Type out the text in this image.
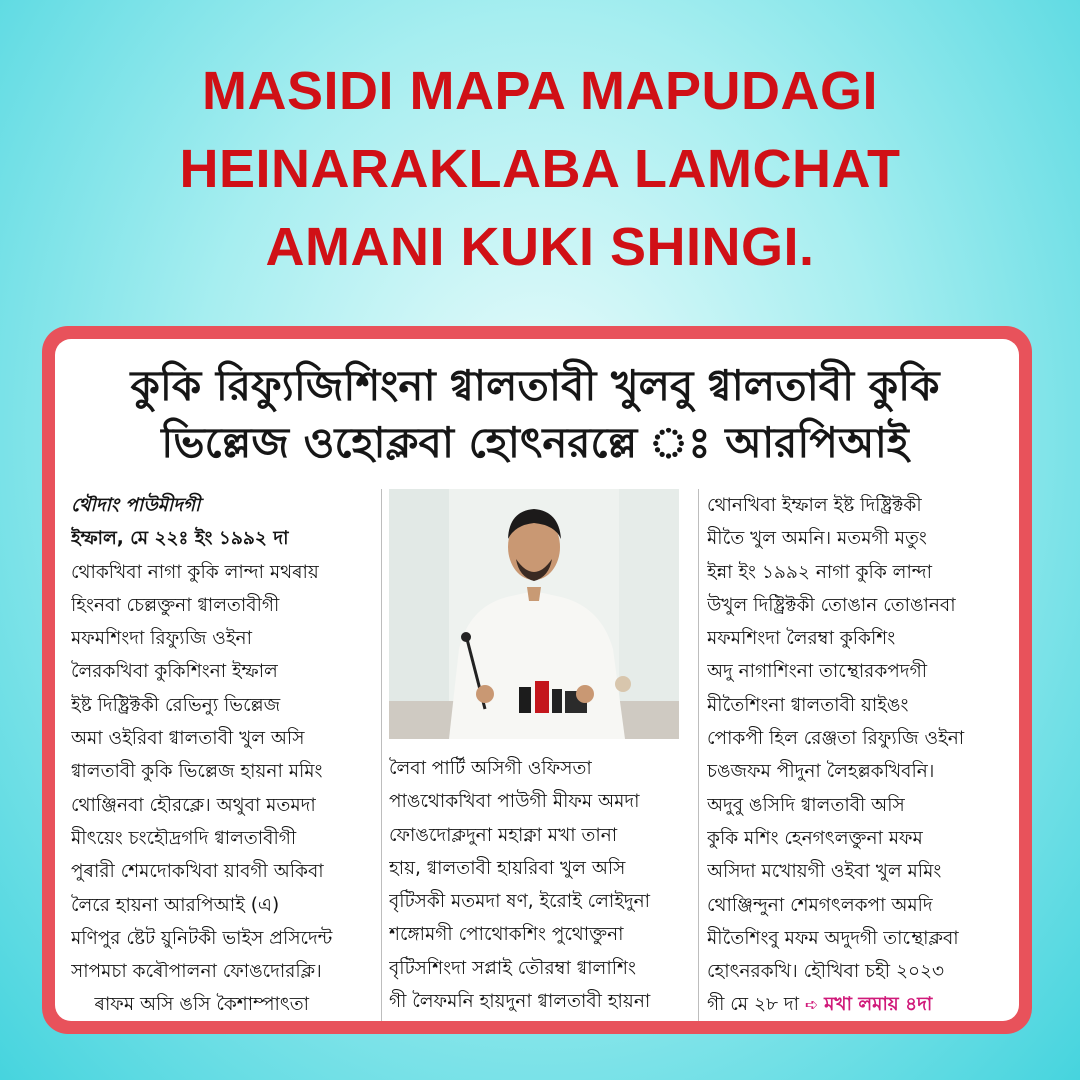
MASIDI MAPA MAPUDAGI
HEINARAKLABA LAMCHAT
AMANI KUKI SHINGI.
কুকি রিফ্যুজিশিংনা গ্বালতাবী খুলবু গ্বালতাবী কুকি
ভিল্লেজ ওহোক্লবা হোৎনরল্লে ঃ আরপিআই
থৌদাং পাউমীদগী
ইম্ফাল, মে ২২ঃ ইং ১৯৯২ দা
থোকখিবা নাগা কুকি লান্দা মথৰায়
হিংনবা চেল্লক্তুনা গ্বালতাবীগী
মফমশিংদা রিফ্যুজি ওইনা
লৈরকখিবা কুকিশিংনা ইম্ফাল
ইষ্ট দিষ্ট্রিক্টকী রেভিন্যু ভিল্লেজ
অমা ওইরিবা গ্বালতাবী খুল অসি
গ্বালতাবী কুকি ভিল্লেজ হায়না মমিং
থোঞ্জিনবা হৌরক্লে। অথুবা মতমদা
মীৎয়েং চংহৌদ্রগদি গ্বালতাবীগী
পুৰারী শেমদোকখিবা য়াবগী অকিবা
লৈরে হায়না আরপিআই (এ)
মণিপুর ষ্টেট য়ুনিটকী ভাইস প্রসিদেন্ট
সাপমচা কৰৌপালনা ফোঙদোরক্লি।
ৰাফম অসি ঙসি কৈশাম্পাৎতা
লৈবা পার্টি অসিগী ওফিসতা
পাঙথোকখিবা পাউগী মীফম অমদা
ফোঙদোক্লদুনা মহাক্না মখা তানা
হায়, গ্বালতাবী হায়রিবা খুল অসি
বৃটিসকী মতমদা ষণ, ইরোই লোইদুনা
শঙ্গোমগী পোথোকশিং পুথোক্তুনা
বৃটিসশিংদা সপ্লাই তৌরম্বা গ্বালাশিং
গী লৈফমনি হায়দুনা গ্বালতাবী হায়না
থোনখিবা ইম্ফাল ইষ্ট দিষ্ট্রিক্টকী
মীতৈ খুল অমনি। মতমগী মতুং
ইন্না ইং ১৯৯২ নাগা কুকি লান্দা
উখুল দিষ্ট্রিক্টকী তোঙান তোঙানবা
মফমশিংদা লৈরম্বা কুকিশিং
অদু নাগাশিংনা তাম্থোরকপদগী
মীতৈশিংনা গ্বালতাবী য়াইঙং
পোকপী হিল রেঞ্জতা রিফ্যুজি ওইনা
চঙজফম পীদুনা লৈহল্লকখিবনি।
অদুবু ঙসিদি গ্বালতাবী অসি
কুকি মশিং হেনগৎলক্তুনা মফম
অসিদা মখোয়গী ওইবা খুল মমিং
থোঞ্জিন্দুনা শেমগৎলকপা অমদি
মীতৈশিংবু মফম অদুদগী তাম্থোক্লবা
হোৎনরকখি। হৌখিবা চহী ২০২৩
গী মে ২৮ দা ➪ মখা লমায় ৪দা
